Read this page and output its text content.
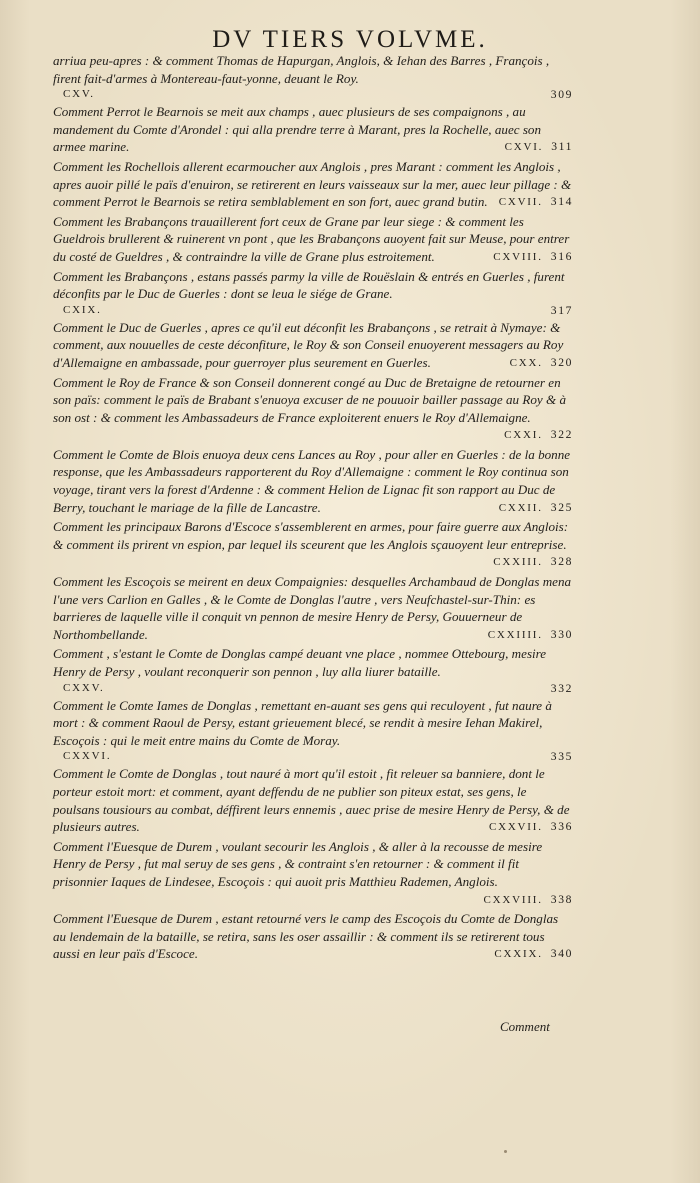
DV TIERS VOLVME.
arriua peu-apres : & comment Thomas de Hapurgan, Anglois, & Iehan des Barres , François , firent fait-d'armes à Montereau-faut-yonne, deuant le Roy.
CXV.	309
Comment Perrot le Bearnois se meit aux champs , auec plusieurs de ses compaignons , au mandement du Comte d'Arondel : qui alla prendre terre à Marant, pres la Rochelle, auec son armee marine.	CXVI. 311
Comment les Rochellois allerent ecarmoucher aux Anglois , pres Marant : comment les Anglois , apres auoir pillé le païs d'enuiron, se retirerent en leurs vaisseaux sur la mer, auec leur pillage : & comment Perrot le Bearnois se retira semblablement en son fort, auec grand butin. CXVII. 314
Comment les Brabançons trauaillerent fort ceux de Grane par leur siege : & comment les Gueldrois brullerent & ruinerent vn pont , que les Brabançons auoyent fait sur Meuse, pour entrer du costé de Gueldres , & contraindre la ville de Grane plus estroitement.	CXVIII. 316
Comment les Brabançons , estans passés parmy la ville de Rouëslain & entrés en Guerles , furent déconfits par le Duc de Guerles : dont se leua le siége de Grane.
CXIX.	317
Comment le Duc de Guerles , apres ce qu'il eut déconfit les Brabançons , se retrait à Nymaye: & comment, aux nouuelles de ceste déconfiture, le Roy & son Conseil enuoyerent messagers au Roy d'Allemaigne en ambassade, pour guerroyer plus seurement en Guerles.	CXX. 320
Comment le Roy de France & son Conseil donnerent congé au Duc de Bretaigne de retourner en son païs: comment le païs de Brabant s'enuoya excuser de ne pouuoir bailler passage au Roy & à son ost : & comment les Ambassadeurs de France exploiterent enuers le Roy d'Allemaigne.
CXXI. 322
Comment le Comte de Blois enuoya deux cens Lances au Roy , pour aller en Guerles : de la bonne response, que les Ambassadeurs rapporterent du Roy d'Allemaigne : comment le Roy continua son voyage, tirant vers la forest d'Ardenne : & comment Helion de Lignac fit son rapport au Duc de Berry, touchant le mariage de la fille de Lancastre.	CXXII. 325
Comment les principaux Barons d'Escoce s'assemblerent en armes, pour faire guerre aux Anglois: & comment ils prirent vn espion, par lequel ils sceurent que les Anglois sçauoyent leur entreprise.
CXXIII. 328
Comment les Escoçois se meirent en deux Compaignies: desquelles Archambaud de Donglas mena l'une vers Carlion en Galles , & le Comte de Donglas l'autre , vers Neufchastel-sur-Thin: es barrieres de laquelle ville il conquit vn pennon de mesire Henry de Persy, Gouuerneur de Northombellande.	CXXIIII. 330
Comment , s'estant le Comte de Donglas campé deuant vne place , nommee Ottebourg, mesire Henry de Persy , voulant reconquerir son pennon , luy alla liurer bataille.
CXXV.	332
Comment le Comte Iames de Donglas , remettant en-auant ses gens qui reculoyent , fut naure à mort : & comment Raoul de Persy, estant grieuement blecé, se rendit à mesire Iehan Makirel, Escoçois : qui le meit entre mains du Comte de Moray.
CXXVI.	335
Comment le Comte de Donglas , tout nauré à mort qu'il estoit , fit releuer sa banniere, dont le porteur estoit mort: et comment, ayant deffendu de ne publier son piteux estat, ses gens, le poulsans tousiours au combat, déffirent leurs ennemis , auec prise de mesire Henry de Persy, & de plusieurs autres.	CXXVII. 336
Comment l'Euesque de Durem , voulant secourir les Anglois , & aller à la recousse de mesire Henry de Persy , fut mal seruy de ses gens , & contraint s'en retourner : & comment il fit prisonnier Iaques de Lindesee, Escoçois : qui auoit pris Matthieu Rademen, Anglois.
CXXVIII. 338
Comment l'Euesque de Durem , estant retourné vers le camp des Escoçois du Comte de Donglas au lendemain de la bataille, se retira, sans les oser assaillir : & comment ils se retirerent tous aussi en leur païs d'Escoce.	CXXIX. 340
Comment
